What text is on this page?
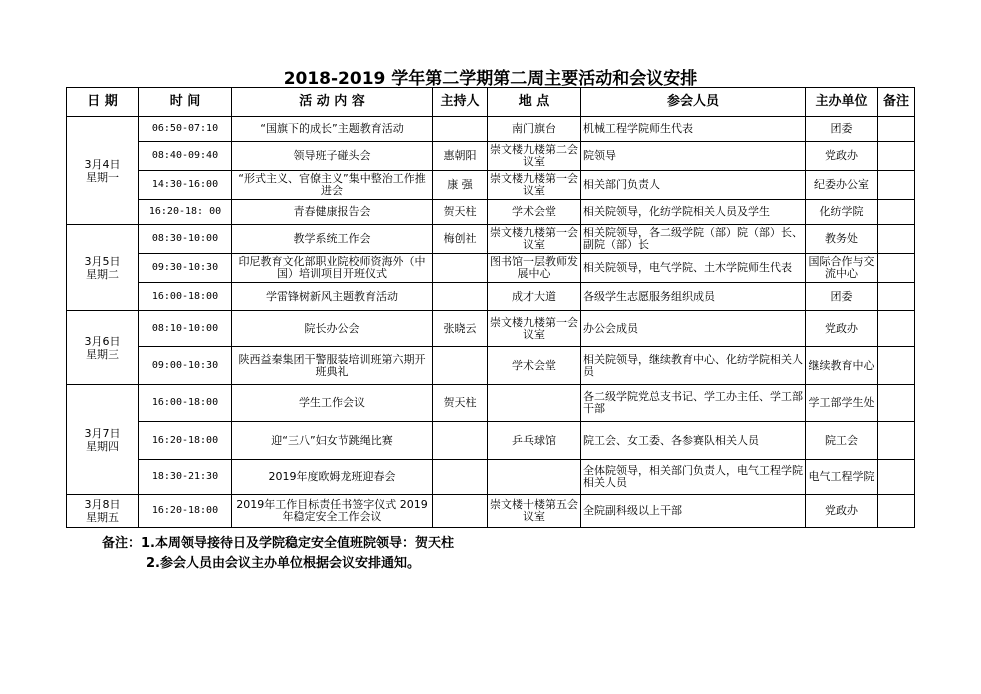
2018-2019 学年第二学期第二周主要活动和会议安排
日 期	时 间	活 动 内 容	主持人	地 点	参会人员	主办单位	备注

3月4日
星期一	06:50-07:10	“国旗下的成长”主题教育活动		南门旗台	机械工程学院师生代表	团委	
	08:40-09:40	领导班子碰头会	惠朝阳	崇文楼九楼第二会议室	院领导	党政办	
	14:30-16:00	“形式主义、官僚主义”集中整治工作推进会	康 强	崇文楼九楼第一会议室	相关部门负责人	纪委办公室	
	16:20-18: 00	青春健康报告会	贺天柱	学术会堂	相关院领导，化纺学院相关人员及学生	化纺学院	

3月5日
星期二	08:30-10:00	教学系统工作会	梅创社	崇文楼九楼第一会议室	相关院领导，各二级学院（部）院（部）长、副院（部）长	教务处	
	09:30-10:30	印尼教育文化部职业院校师资海外（中国）培训项目开班仪式		图书馆一层教师发展中心	相关院领导，电气学院、土木学院师生代表	国际合作与交流中心	
	16:00-18:00	学雷锋树新风主题教育活动		成才大道	各级学生志愿服务组织成员	团委	

3月6日
星期三	08:10-10:00	院长办公会	张晓云	崇文楼九楼第一会议室	办公会成员	党政办	
	09:00-10:30	陕西益秦集团干警服装培训班第六期开班典礼		学术会堂	相关院领导，继续教育中心、化纺学院相关人员	继续教育中心	

3月7日
星期四	16:00-18:00	学生工作会议	贺天柱		各二级学院党总支书记、学工办主任、学工部干部	学工部学生处	
	16:20-18:00	迎“三八”妇女节跳绳比赛		乒乓球馆	院工会、女工委、各参赛队相关人员	院工会	
	18:30-21:30	2019年度欧姆龙班迎春会			全体院领导，相关部门负责人，电气工程学院相关人员	电气工程学院	

3月8日
星期五	16:20-18:00	2019年工作目标责任书签字仪式 2019年稳定安全工作会议		崇文楼十楼第五会议室	全院副科级以上干部	党政办	
备注：1.本周领导接待日及学院稳定安全值班院领导：贺天柱
2.参会人员由会议主办单位根据会议安排通知。
